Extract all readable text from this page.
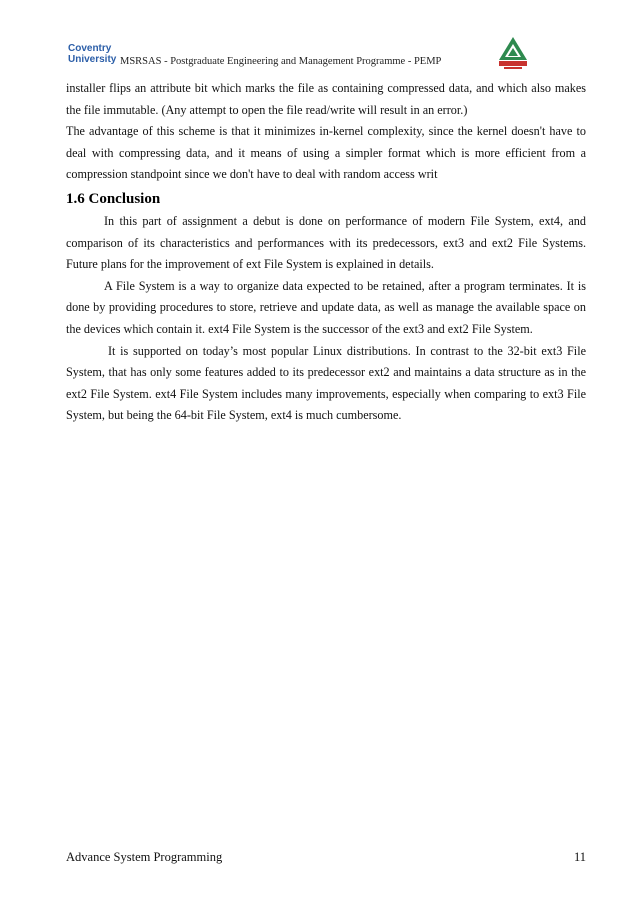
Coventry
University MSRSAS - Postgraduate Engineering and Management Programme - PEMP

installer flips an attribute bit which marks the file as containing compressed data, and which also makes the file immutable. (Any attempt to open the file read/write will result in an error.)

The advantage of this scheme is that it minimizes in-kernel complexity, since the kernel doesn't have to deal with compressing data, and it means of using a simpler format which is more efficient from a compression standpoint since we don't have to deal with random access writ

1.6 Conclusion

In this part of assignment a debut is done on performance of modern File System, ext4, and comparison of its characteristics and performances with its predecessors, ext3 and ext2 File Systems. Future plans for the improvement of ext File System is explained in details.

A File System is a way to organize data expected to be retained, after a program terminates. It is done by providing procedures to store, retrieve and update data, as well as manage the available space on the devices which contain it. ext4 File System is the successor of the ext3 and ext2 File System.

It is supported on today’s most popular Linux distributions. In contrast to the 32-bit ext3 File System, that has only some features added to its predecessor ext2 and maintains a data structure as in the ext2 File System. ext4 File System includes many improvements, especially when comparing to ext3 File System, but being the 64-bit File System, ext4 is much cumbersome.

Advance System Programming	11
